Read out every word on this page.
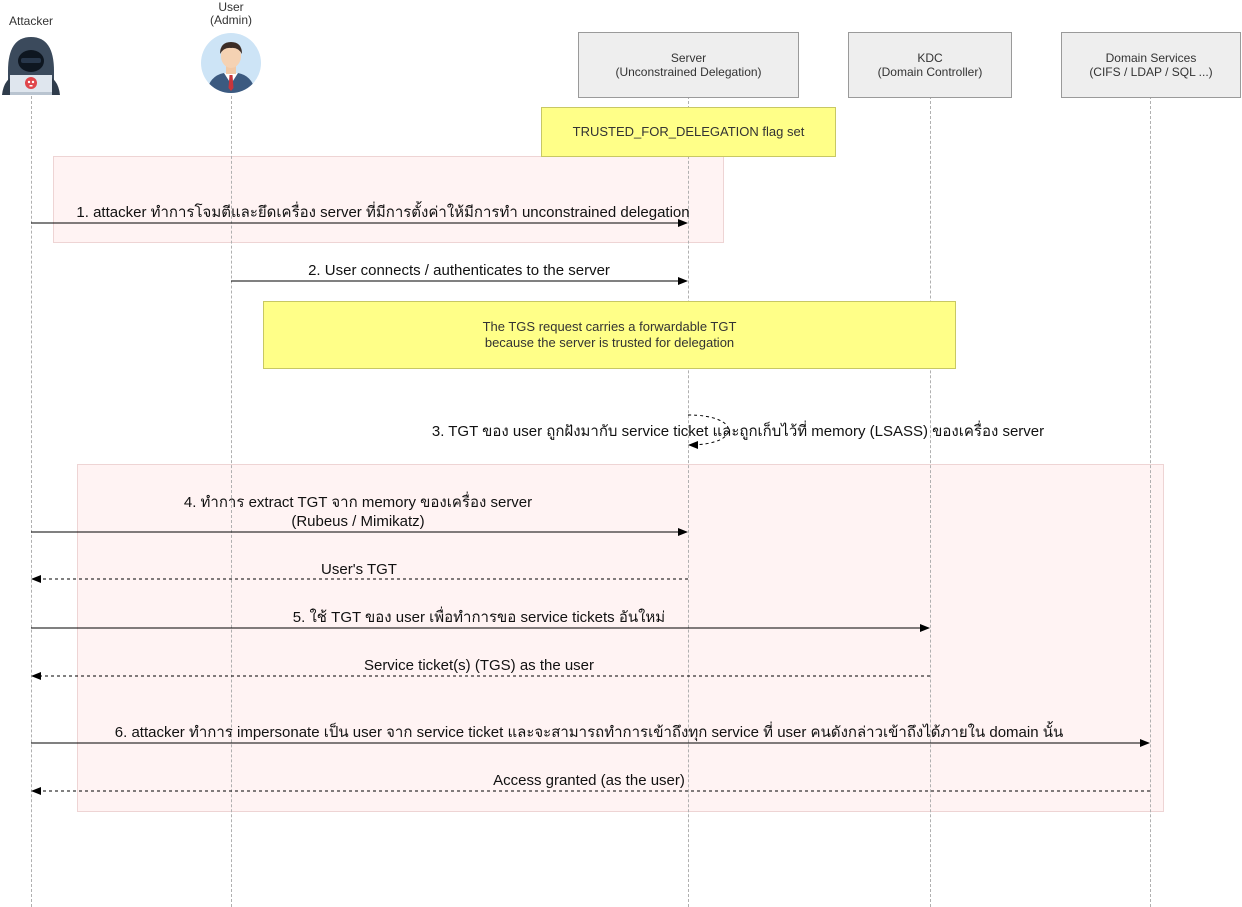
Attacker
User
(Admin)
Server
(Unconstrained Delegation)
KDC
(Domain Controller)
Domain Services
(CIFS / LDAP / SQL ...)
TRUSTED_FOR_DELEGATION flag set
The TGS request carries a forwardable TGT
because the server is trusted for delegation
1. attacker ทำการโจมตีและยึดเครื่อง server ที่มีการตั้งค่าให้มีการทำ unconstrained delegation
2. User connects / authenticates to the server
3. TGT ของ user ถูกฝังมากับ service ticket และถูกเก็บไว้ที่ memory (LSASS) ของเครื่อง server
4. ทำการ extract TGT จาก memory ของเครื่อง server
(Rubeus / Mimikatz)
User's TGT
5. ใช้ TGT ของ user เพื่อทำการขอ service tickets อันใหม่
Service ticket(s) (TGS) as the user
6. attacker ทำการ impersonate เป็น user จาก service ticket และจะสามารถทำการเข้าถึงทุก service ที่ user คนดังกล่าวเข้าถึงได้ภายใน domain นั้น
Access granted (as the user)
